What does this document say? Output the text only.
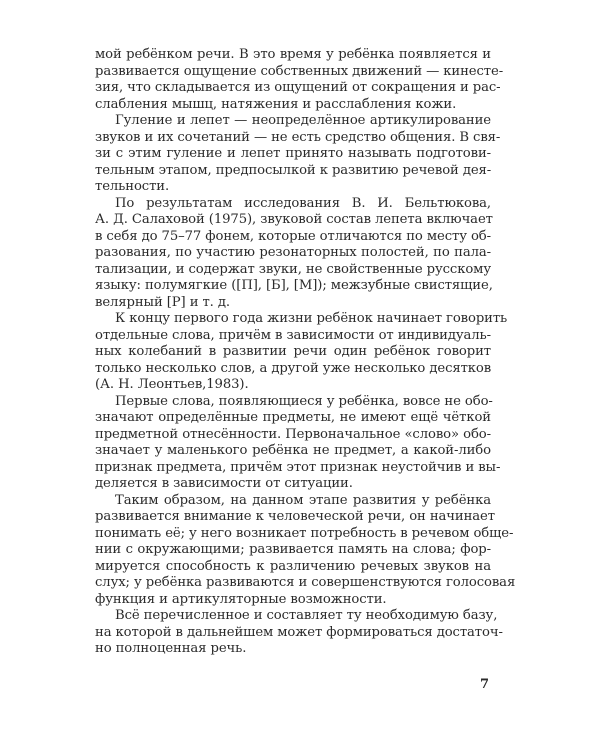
мой ребёнком речи. В это время у ребёнка появляется и
развивается ощущение собственных движений — кинесте-
зия, что складывается из ощущений от сокращения и рас-
слабления мышц, натяжения и расслабления кожи.
Гуление и лепет — неопределённое артикулирование
звуков и их сочетаний — не есть средство общения. В свя-
зи с этим гуление и лепет принято называть подготови-
тельным этапом, предпосылкой к развитию речевой дея-
тельности.
По результатам исследования В. И. Бельтюкова,
А. Д. Салаховой (1975), звуковой состав лепета включает
в себя до 75–77 фонем, которые отличаются по месту об-
разования, по участию резонаторных полостей, по пала-
тализации, и содержат звуки, не свойственные русскому
языку: полумягкие ([П], [Б], [М]); межзубные свистящие,
велярный [Р] и т. д.
К концу первого года жизни ребёнок начинает говорить
отдельные слова, причём в зависимости от индивидуаль-
ных колебаний в развитии речи один ребёнок говорит
только несколько слов, а другой уже несколько десятков
(А. Н. Леонтьев,1983).
Первые слова, появляющиеся у ребёнка, вовсе не обо-
значают определённые предметы, не имеют ещё чёткой
предметной отнесённости. Первоначальное «слово» обо-
значает у маленького ребёнка не предмет, а какой-либо
признак предмета, причём этот признак неустойчив и вы-
деляется в зависимости от ситуации.
Таким образом, на данном этапе развития у ребёнка
развивается внимание к человеческой речи, он начинает
понимать её; у него возникает потребность в речевом обще-
нии с окружающими; развивается память на слова; фор-
мируется способность к различению речевых звуков на
слух; у ребёнка развиваются и совершенствуются голосовая
функция и артикуляторные возможности.
Всё перечисленное и составляет ту необходимую базу,
на которой в дальнейшем может формироваться достаточ-
но полноценная речь.
7
